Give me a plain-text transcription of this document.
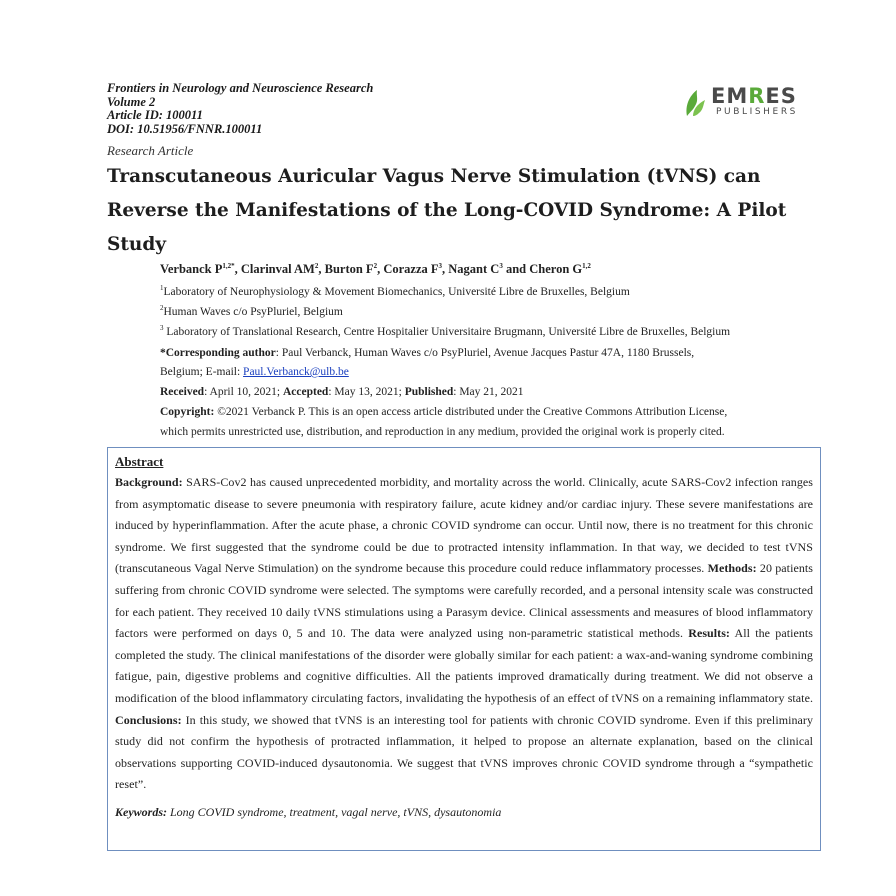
Frontiers in Neurology and Neuroscience Research
Volume 2
Article ID: 100011
DOI: 10.51956/FNNR.100011
Research Article
EMRES
PUBLISHERS
Transcutaneous Auricular Vagus Nerve Stimulation (tVNS) can
Reverse the Manifestations of the Long-COVID Syndrome: A Pilot
Study
Verbanck $P^{1,2*}$, Clarinval $AM^2$, Burton $F^2$, Corazza $F^3$, Nagant $C^3$ and Cheron G$^{1,2}$
$^1$Laboratory of Neurophysiology & Movement Biomechanics, Université Libre de Bruxelles, Belgium
$^2$Human Waves c/o PsyPluriel, Belgium
$^3$ Laboratory of Translational Research, Centre Hospitalier Universitaire Brugmann, Université Libre de Bruxelles, Belgium
*Corresponding author: Paul Verbanck, Human Waves c/o PsyPluriel, Avenue Jacques Pastur 47A, 1180 Brussels,
Belgium; E-mail: Paul.Verbanck@ulb.be
Received: April 10, 2021; Accepted: May 13, 2021; Published: May 21, 2021
Copyright: ©2021 Verbanck P. This is an open access article distributed under the Creative Commons Attribution License,
which permits unrestricted use, distribution, and reproduction in any medium, provided the original work is properly cited.
Abstract
Background: SARS-Cov2 has caused unprecedented morbidity, and mortality across the world. Clinically, acute SARS-Cov2 infection ranges from asymptomatic disease to severe pneumonia with respiratory failure, acute kidney and/or cardiac injury. These severe manifestations are induced by hyperinflammation. After the acute phase, a chronic COVID syndrome can occur. Until now, there is no treatment for this chronic syndrome. We first suggested that the syndrome could be due to protracted intensity inflammation. In that way, we decided to test tVNS (transcutaneous Vagal Nerve Stimulation) on the syndrome because this procedure could reduce inflammatory processes. Methods: 20 patients suffering from chronic COVID syndrome were selected. The symptoms were carefully recorded, and a personal intensity scale was constructed for each patient. They received 10 daily tVNS stimulations using a Parasym device. Clinical assessments and measures of blood inflammatory factors were performed on days 0, 5 and 10. The data were analyzed using non-parametric statistical methods. Results: All the patients completed the study. The clinical manifestations of the disorder were globally similar for each patient: a wax-and-waning syndrome combining fatigue, pain, digestive problems and cognitive difficulties. All the patients improved dramatically during treatment. We did not observe a modification of the blood inflammatory circulating factors, invalidating the hypothesis of an effect of tVNS on a remaining inflammatory state. Conclusions: In this study, we showed that tVNS is an interesting tool for patients with chronic COVID syndrome. Even if this preliminary study did not confirm the hypothesis of protracted inflammation, it helped to propose an alternate explanation, based on the clinical observations supporting COVID-induced dysautonomia. We suggest that tVNS improves chronic COVID syndrome through a “sympathetic reset”.
Keywords: Long COVID syndrome, treatment, vagal nerve, tVNS, dysautonomia
